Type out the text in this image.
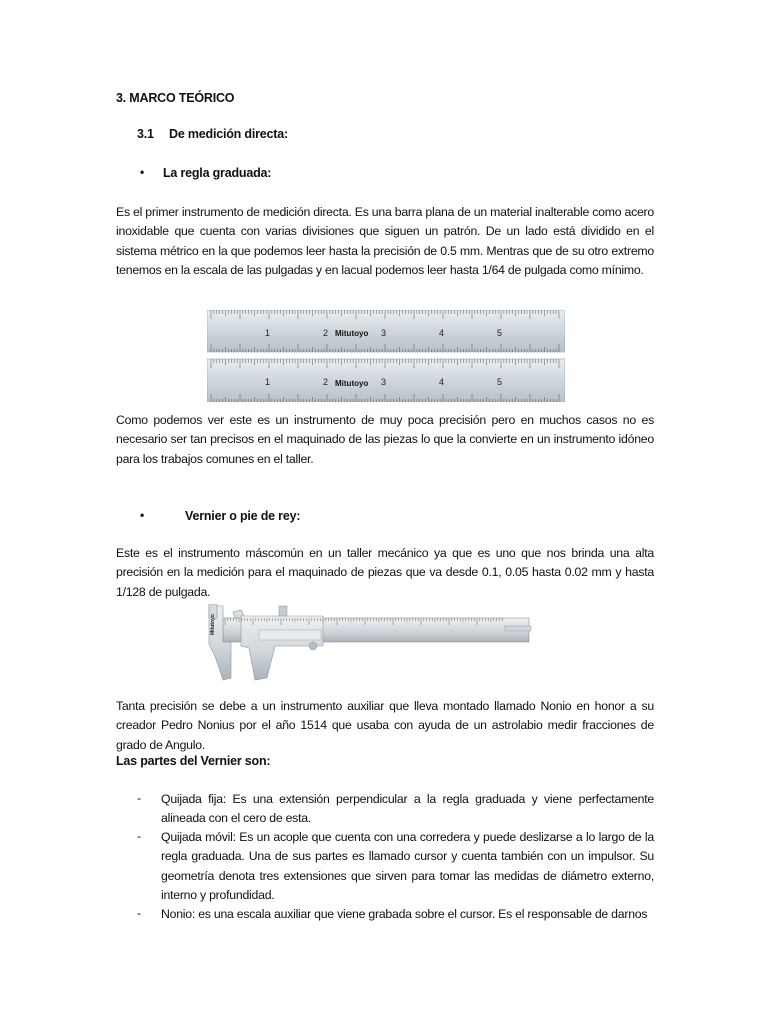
3. MARCO TEÓRICO
3.1 De medición directa:
• La regla graduada:
Es el primer instrumento de medición directa. Es una barra plana de un material inalterable como acero inoxidable que cuenta con varias divisiones que siguen un patrón. De un lado está dividido en el sistema métrico en la que podemos leer hasta la precisión de 0.5 mm. Mentras que de su otro extremo tenemos en la escala de las pulgadas y en lacual podemos leer hasta 1/64 de pulgada como mínimo.
1	2	3	4	5
1	2	3	4	5
Mitutoyo
Mitutoyo
Como podemos ver este es un instrumento de muy poca precisión pero en muchos casos no es necesario ser tan precisos en el maquinado de las piezas lo que la convierte en un instrumento idóneo para los trabajos comunes en el taller.
•	Vernier o pie de rey:
Este es el instrumento máscomún en un taller mecánico ya que es uno que nos brinda una alta precisión en la medición para el maquinado de piezas que va desde 0.1, 0.05 hasta 0.02 mm y hasta 1/128 de pulgada.
Mitutoyo
Tanta precisión se debe a un instrumento auxiliar que lleva montado llamado Nonio en honor a su creador Pedro Nonius por el año 1514 que usaba con ayuda de un astrolabio medir fracciones de grado de Angulo.
Las partes del Vernier son:
- Quijada fija: Es una extensión perpendicular a la regla graduada y viene perfectamente alineada con el cero de esta.
- Quijada móvil: Es un acople que cuenta con una corredera y puede deslizarse a lo largo de la regla graduada. Una de sus partes es llamado cursor y cuenta también con un impulsor. Su geometría denota tres extensiones que sirven para tomar las medidas de diámetro externo, interno y profundidad.
- Nonio: es una escala auxiliar que viene grabada sobre el cursor. Es el responsable de darnos
